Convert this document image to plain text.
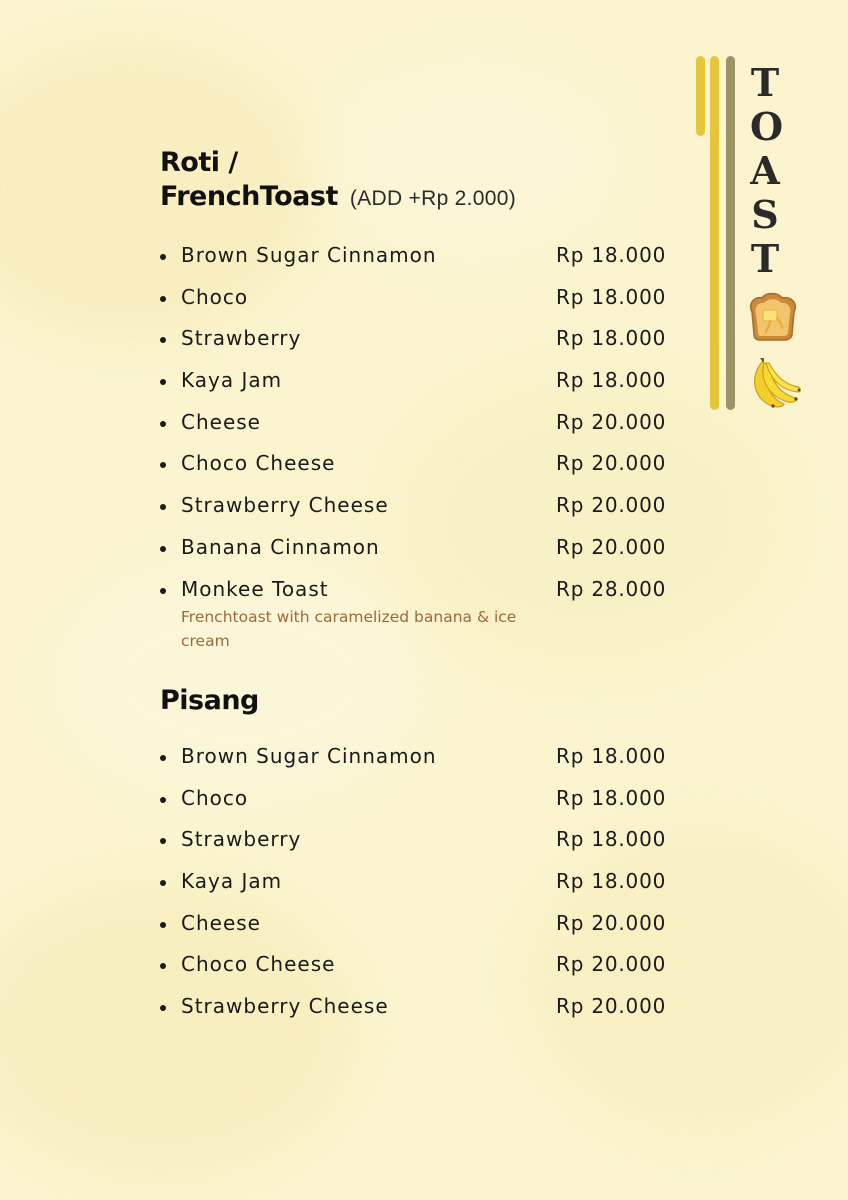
Roti /
FrenchToast (ADD +Rp 2.000)
Brown Sugar Cinnamon	Rp 18.000
Choco	Rp 18.000
Strawberry	Rp 18.000
Kaya Jam	Rp 18.000
Cheese	Rp 20.000
Choco Cheese	Rp 20.000
Strawberry Cheese	Rp 20.000
Banana Cinnamon	Rp 20.000
Monkee Toast	Rp 28.000
Frenchtoast with caramelized banana & ice cream
Pisang
Brown Sugar Cinnamon	Rp 18.000
Choco	Rp 18.000
Strawberry	Rp 18.000
Kaya Jam	Rp 18.000
Cheese	Rp 20.000
Choco Cheese	Rp 20.000
Strawberry Cheese	Rp 20.000
T
O
A
S
T
